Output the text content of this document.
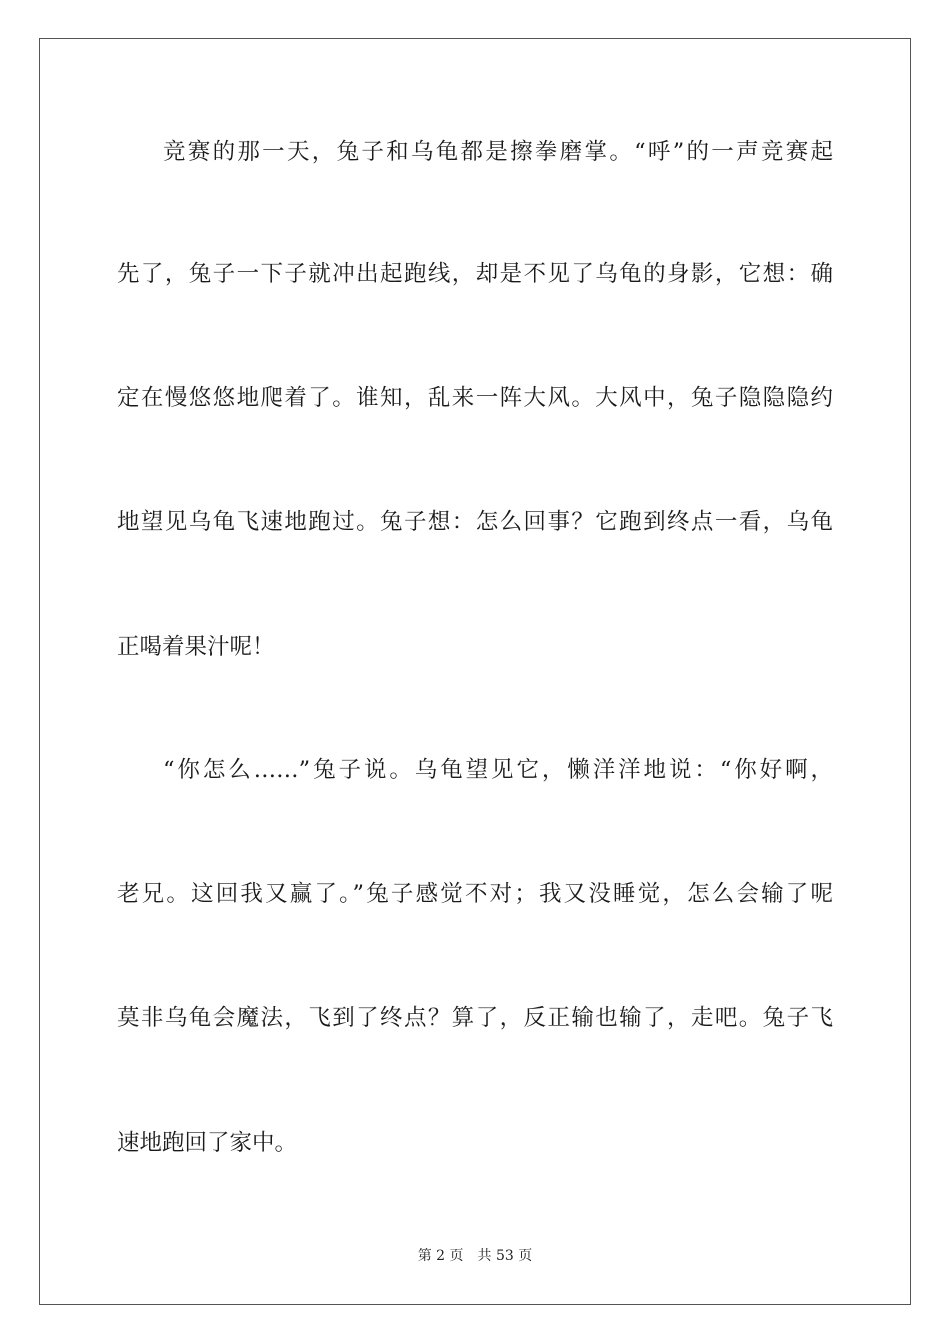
竞赛的那一天，兔子和乌龟都是擦拳磨掌。“呼”的一声竞赛起
先了，兔子一下子就冲出起跑线，却是不见了乌龟的身影，它想：确
定在慢悠悠地爬着了。谁知，乱来一阵大风。大风中，兔子隐隐隐约
地望见乌龟飞速地跑过。兔子想：怎么回事？它跑到终点一看，乌龟
正喝着果汁呢！
“你怎么……”兔子说。乌龟望见它，懒洋洋地说：“你好啊，
老兄。这回我又赢了。”兔子感觉不对；我又没睡觉，怎么会输了呢
莫非乌龟会魔法，飞到了终点？算了，反正输也输了，走吧。兔子飞
速地跑回了家中。
第 2 页 共 53 页
